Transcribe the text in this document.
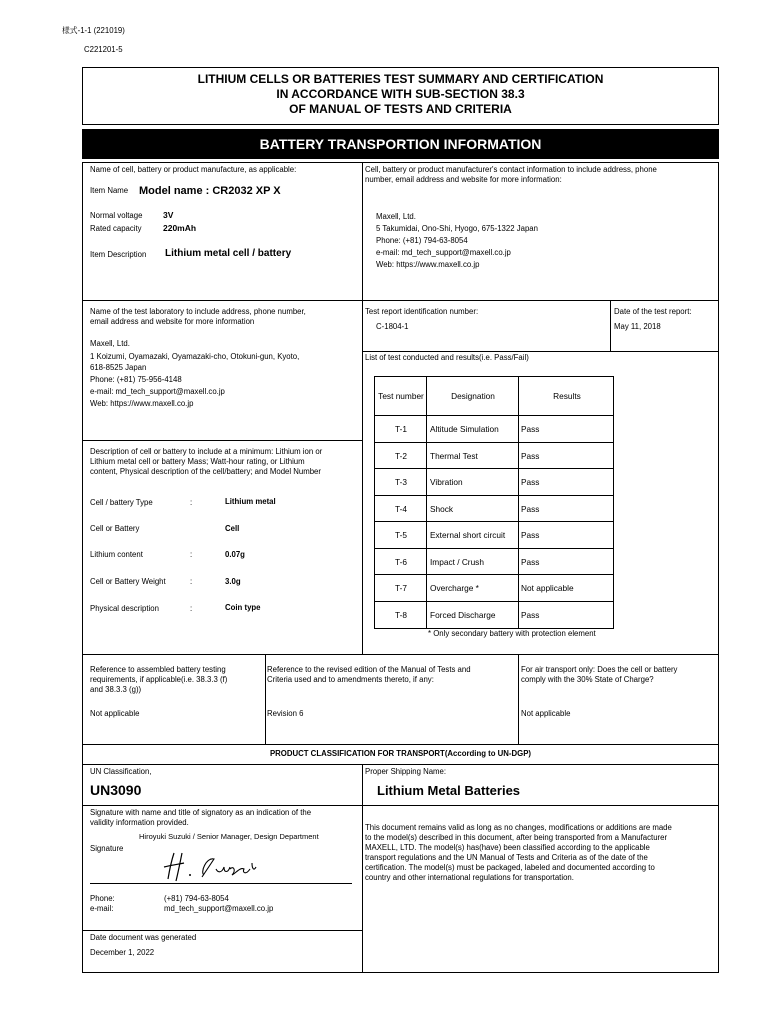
様式-1-1 (221019)
C221201-5
LITHIUM CELLS OR BATTERIES TEST SUMMARY AND CERTIFICATION
IN ACCORDANCE WITH SUB-SECTION 38.3
OF MANUAL OF TESTS AND CRITERIA
BATTERY TRANSPORTION INFORMATION
Name of cell, battery or product manufacture, as applicable:
Item Name Model name : CR2032 XP X
Normal voltage 3V
Rated capacity	220mAh
Item Description Lithium metal cell / battery
Cell, battery or product manufacturer's contact information to include address, phone
number, email address and website for more information:
Maxell, Ltd.
5 Takumidai, Ono-Shi, Hyogo, 675-1322 Japan
Phone: (+81) 794-63-8054
e-mail: md_tech_support@maxell.co.jp
Web: https://www.maxell.co.jp
Name of the test laboratory to include address, phone number,
email address and website for more information
Maxell, Ltd.
1 Koizumi, Oyamazaki, Oyamazaki-cho, Otokuni-gun, Kyoto,
618-8525 Japan
Phone: (+81) 75-956-4148
e-mail: md_tech_support@maxell.co.jp
Web: https://www.maxell.co.jp
Test report identification number:
C-1804-1
Date of the test report:
May 11, 2018
List of test conducted and results(i.e. Pass/Fail)
Test number	Designation	Results
T-1	Altitude Simulation	Pass
T-2	Thermal Test	Pass
T-3	Vibration	Pass
T-4	Shock	Pass
T-5	External short circuit	Pass
T-6	Impact / Crush	Pass
T-7	Overcharge *	Not applicable
T-8	Forced Discharge	Pass
* Only secondary battery with protection element
Description of cell or battery to include at a minimum: Lithium ion or
Lithium metal cell or battery Mass; Watt-hour rating, or Lithium
content, Physical description of the cell/battery; and Model Number
Cell / battery Type	:	Lithium metal
Cell or Battery	Cell
Lithium content	:	0.07g
Cell or Battery Weight	:	3.0g
Physical description	:	Coin type
Reference to assembled battery testing
requirements, if applicable(i.e. 38.3.3 (f)
and 38.3.3 (g))
Not applicable
Reference to the revised edition of the Manual of Tests and
Criteria used and to amendments thereto, if any:
Revision 6
For air transport only: Does the cell or battery
comply with the 30% State of Charge?
Not applicable
PRODUCT CLASSIFICATION FOR TRANSPORT(According to UN-DGP)
UN Classification,
UN3090
Proper Shipping Name:
Lithium Metal Batteries
Signature with name and title of signatory as an indication of the
validity information provided.
Hiroyuki Suzuki / Senior Manager, Design Department
Signature
Phone:	(+81) 794-63-8054
e-mail:	md_tech_support@maxell.co.jp
This document remains valid as long as no changes, modifications or additions are made
to the model(s) described in this document, after being transported from a Manufacturer
MAXELL, LTD. The model(s) has(have) been classified according to the applicable
transport regulations and the UN Manual of Tests and Criteria as of the date of the
certification. The model(s) must be packaged, labeled and documented according to
country and other international regulations for transportation.
Date document was generated
December 1, 2022
